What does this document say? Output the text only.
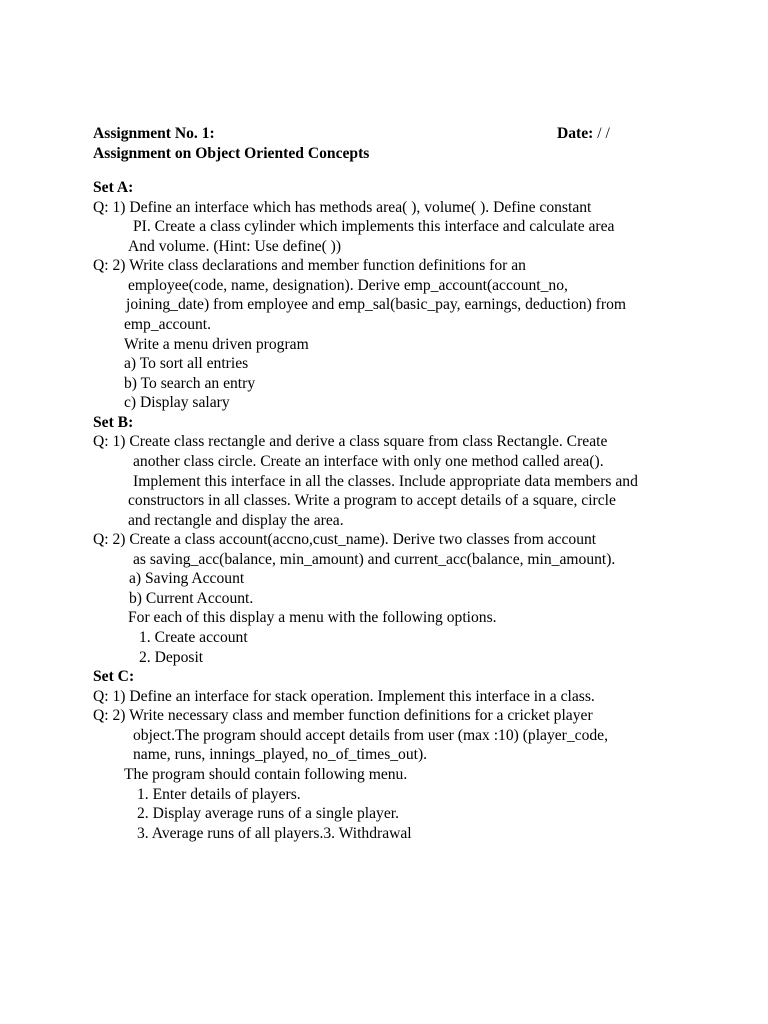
Assignment No. 1:	Date: / /
Assignment on Object Oriented Concepts
Set A:
Q: 1) Define an interface which has methods area( ), volume( ). Define constant
PI. Create a class cylinder which implements this interface and calculate area
And volume. (Hint: Use define( ))
Q: 2) Write class declarations and member function definitions for an
employee(code, name, designation). Derive emp_account(account_no,
joining_date) from employee and emp_sal(basic_pay, earnings, deduction) from
emp_account.
Write a menu driven program
a) To sort all entries
b) To search an entry
c) Display salary
Set B:
Q: 1) Create class rectangle and derive a class square from class Rectangle. Create
another class circle. Create an interface with only one method called area().
Implement this interface in all the classes. Include appropriate data members and
constructors in all classes. Write a program to accept details of a square, circle
and rectangle and display the area.
Q: 2) Create a class account(accno,cust_name). Derive two classes from account
as saving_acc(balance, min_amount) and current_acc(balance, min_amount).
a) Saving Account
b) Current Account.
For each of this display a menu with the following options.
1. Create account
2. Deposit
Set C:
Q: 1) Define an interface for stack operation. Implement this interface in a class.
Q: 2) Write necessary class and member function definitions for a cricket player
object.The program should accept details from user (max :10) (player_code,
name, runs, innings_played, no_of_times_out).
The program should contain following menu.
1. Enter details of players.
2. Display average runs of a single player.
3. Average runs of all players.3. Withdrawal
